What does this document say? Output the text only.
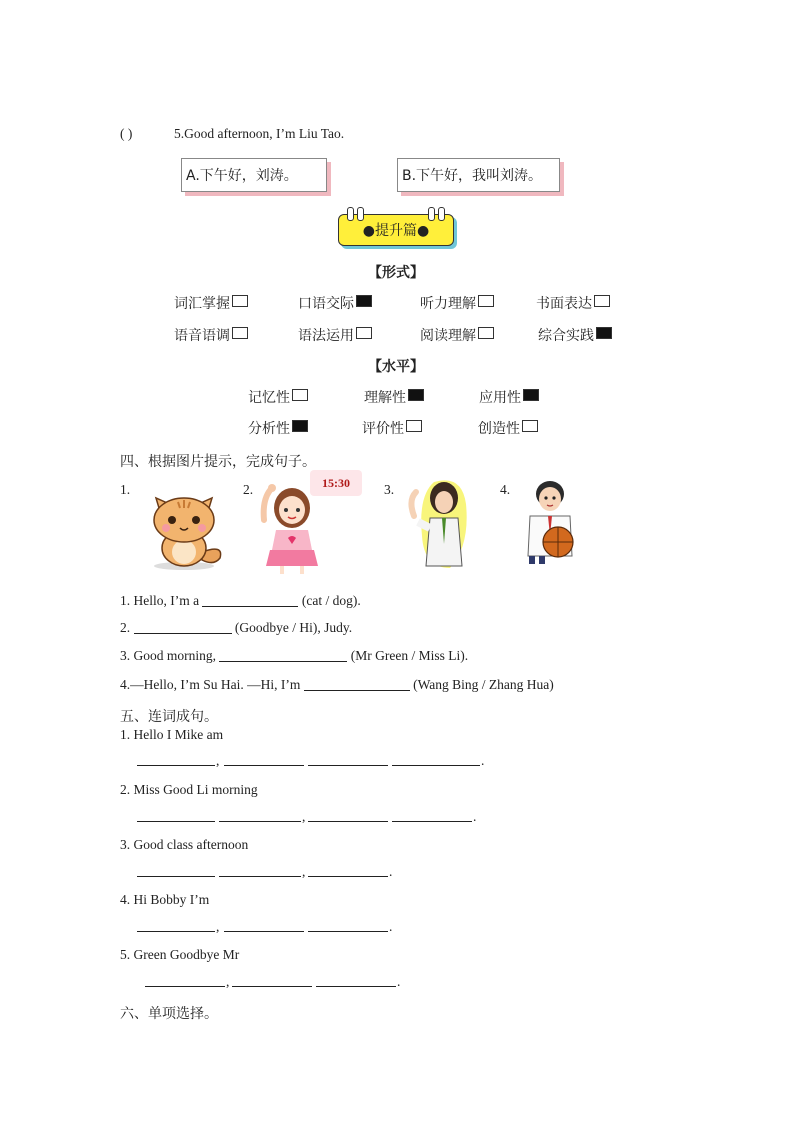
( )	5.Good afternoon, I’m Liu Tao.
A.下午好，刘涛。	B.下午好，我叫刘涛。
●提升篇●
【形式】
词汇掌握	口语交际	听力理解	书面表达
语音语调	语法运用	阅读理解	综合实践
【水平】
记忆性	理解性	应用性
分析性	评价性	创造性
四、根据图片提示，完成句子。
1.	2.	3.	4.
15:30
1. Hello, I’m a	(cat / dog).
2.	(Goodbye / Hi), Judy.
3. Good morning,	(Mr Green / Miss Li).
4.—Hello, I’m Su Hai. —Hi, I’m	(Wang Bing / Zhang Hua)
五、连词成句。
1. Hello I Mike am
,	.
2. Miss Good Li morning
,	.
3. Good class afternoon
,	.
4. Hi Bobby I’m
,	.
5. Green Goodbye Mr
,	.
六、单项选择。
